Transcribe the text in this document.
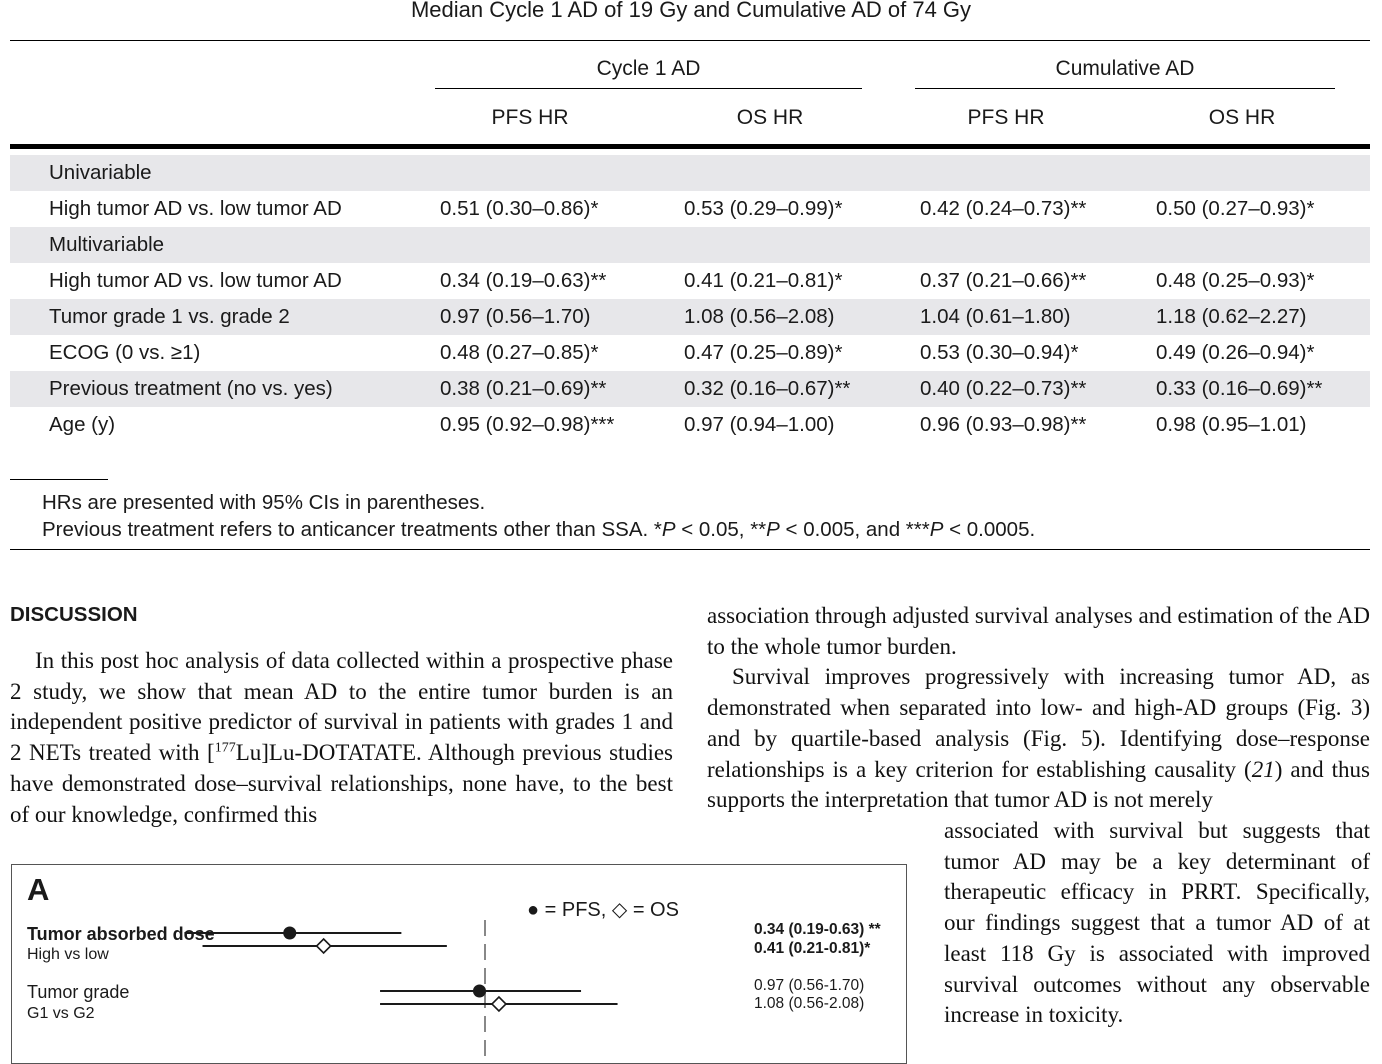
Median Cycle 1 AD of 19 Gy and Cumulative AD of 74 Gy
Cycle 1 AD	Cumulative AD
PFS HR	OS HR	PFS HR	OS HR
Univariable
High tumor AD vs. low tumor AD	0.51 (0.30–0.86)*	0.53 (0.29–0.99)*	0.42 (0.24–0.73)**	0.50 (0.27–0.93)*
Multivariable
High tumor AD vs. low tumor AD	0.34 (0.19–0.63)**	0.41 (0.21–0.81)*	0.37 (0.21–0.66)**	0.48 (0.25–0.93)*
Tumor grade 1 vs. grade 2	0.97 (0.56–1.70)	1.08 (0.56–2.08)	1.04 (0.61–1.80)	1.18 (0.62–2.27)
ECOG (0 vs. ≥1)	0.48 (0.27–0.85)*	0.47 (0.25–0.89)*	0.53 (0.30–0.94)*	0.49 (0.26–0.94)*
Previous treatment (no vs. yes)	0.38 (0.21–0.69)**	0.32 (0.16–0.67)**	0.40 (0.22–0.73)**	0.33 (0.16–0.69)**
Age (y)	0.95 (0.92–0.98)***	0.97 (0.94–1.00)	0.96 (0.93–0.98)**	0.98 (0.95–1.01)
HRs are presented with 95% CIs in parentheses.
Previous treatment refers to anticancer treatments other than SSA. *P < 0.05, **P < 0.005, and ***P < 0.0005.
DISCUSSION

In this post hoc analysis of data collected within a prospective phase 2 study, we show that mean AD to the entire tumor burden is an independent positive predictor of survival in patients with grades 1 and 2 NETs treated with [$^{177}$Lu]Lu-DOTATATE. Although previous studies have demonstrated dose–survival relationships, none have, to the best of our knowledge, confirmed this

association through adjusted survival analyses and estimation of the AD to the whole tumor burden.

Survival improves progressively with increasing tumor AD, as demonstrated when separated into low- and high-AD groups (Fig. 3) and by quartile-based analysis (Fig. 5). Identifying dose–response relationships is a key criterion for establishing causality (21) and thus supports the interpretation that tumor AD is not merely

associated with survival but suggests that tumor AD may be a key determinant of therapeutic efficacy in PRRT. Specifically, our findings suggest that a tumor AD of at least 118 Gy is associated with improved survival outcomes without any observable increase in toxicity.

A
● = PFS, ◇ = OS
Tumor absorbed dose
High vs low
0.34 (0.19-0.63) **
0.41 (0.21-0.81)*
Tumor grade
G1 vs G2
0.97 (0.56-1.70)
1.08 (0.56-2.08)
